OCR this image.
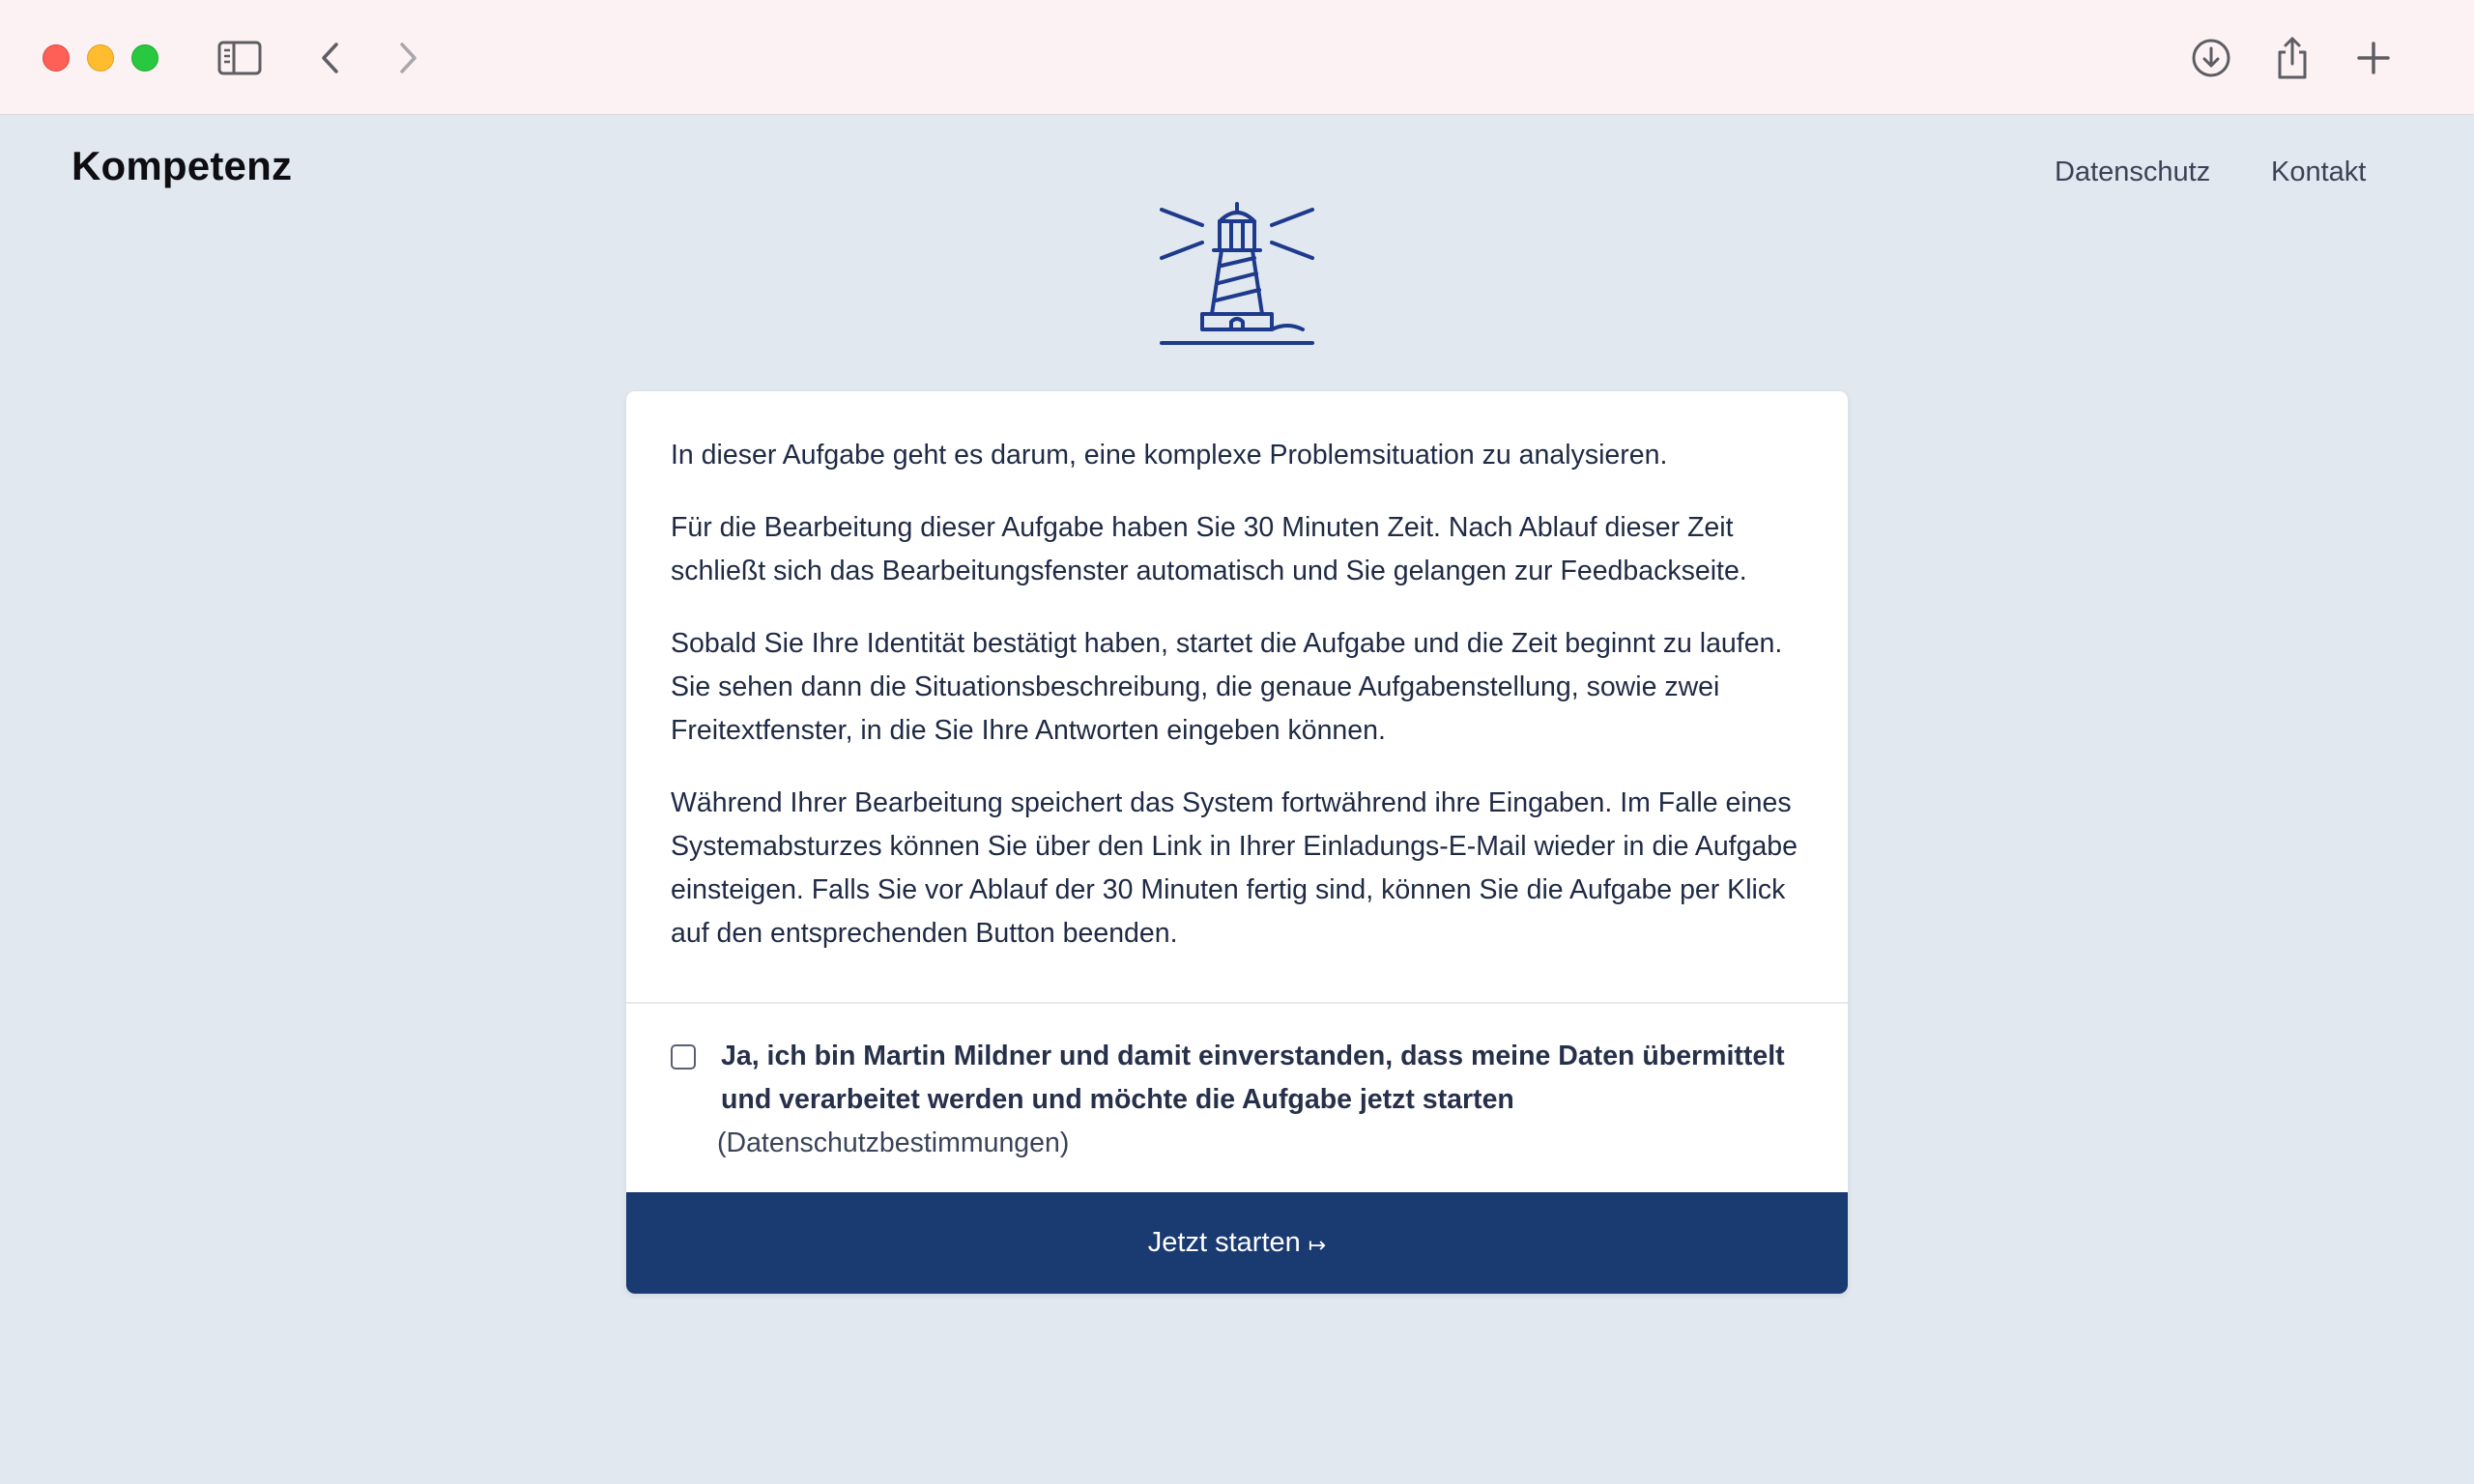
Kompetenz	Datenschutz Kontakt

In dieser Aufgabe geht es darum, eine komplexe Problemsituation zu analysieren.

Für die Bearbeitung dieser Aufgabe haben Sie 30 Minuten Zeit. Nach Ablauf dieser Zeit schließt sich das Bearbeitungsfenster automatisch und Sie gelangen zur Feedbackseite.

Sobald Sie Ihre Identität bestätigt haben, startet die Aufgabe und die Zeit beginnt zu laufen. Sie sehen dann die Situationsbeschreibung, die genaue Aufgabenstellung, sowie zwei Freitextfenster, in die Sie Ihre Antworten eingeben können.

Während Ihrer Bearbeitung speichert das System fortwährend ihre Eingaben. Im Falle eines Systemabsturzes können Sie über den Link in Ihrer Einladungs-E-Mail wieder in die Aufgabe einsteigen. Falls Sie vor Ablauf der 30 Minuten fertig sind, können Sie die Aufgabe per Klick auf den entsprechenden Button beenden.

Ja, ich bin Martin Mildner und damit einverstanden, dass meine Daten übermittelt und verarbeitet werden und möchte die Aufgabe jetzt starten
(Datenschutzbestimmungen)
Jetzt starten ↦
